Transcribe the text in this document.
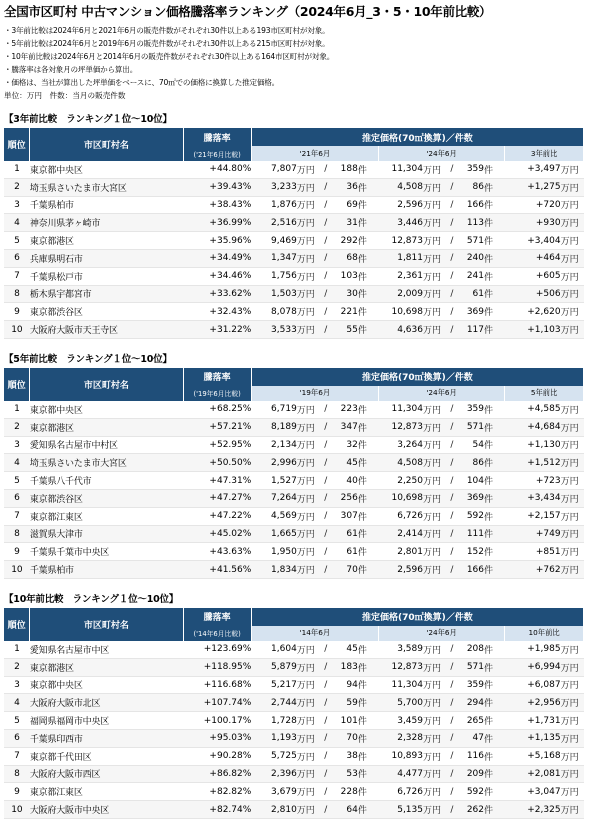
全国市区町村 中古マンション価格騰落率ランキング（2024年6月_3・5・10年前比較）
・3年前比較は2024年6月と2021年6月の販売件数がそれぞれ30件以上ある193市区町村が対象。
・5年前比較は2024年6月と2019年6月の販売件数がそれぞれ30件以上ある215市区町村が対象。
・10年前比較は2024年6月と2014年6月の販売件数がそれぞれ30件以上ある164市区町村が対象。
・騰落率は各対象月の坪単価から算出。
・価格は、当社が算出した坪単価をベースに、70㎡での価格に換算した推定価格。
単位：万円　件数：当月の販売件数
【3年前比較　ランキング１位～10位】
順位	市区町村名	騰落率	推定価格(70㎡換算)／件数											
		('21年6月比較)	'21年6月					'24年6月					3年前比	
1	東京都中央区	+44.80%	7,807	万円	/	188	件	11,304	万円	/	359	件	+3,497	万円
2	埼玉県さいたま市大宮区	+39.43%	3,233	万円	/	36	件	4,508	万円	/	86	件	+1,275	万円
3	千葉県柏市	+38.43%	1,876	万円	/	69	件	2,596	万円	/	166	件	+720	万円
4	神奈川県茅ヶ崎市	+36.99%	2,516	万円	/	31	件	3,446	万円	/	113	件	+930	万円
5	東京都港区	+35.96%	9,469	万円	/	292	件	12,873	万円	/	571	件	+3,404	万円
6	兵庫県明石市	+34.49%	1,347	万円	/	68	件	1,811	万円	/	240	件	+464	万円
7	千葉県松戸市	+34.46%	1,756	万円	/	103	件	2,361	万円	/	241	件	+605	万円
8	栃木県宇都宮市	+33.62%	1,503	万円	/	30	件	2,009	万円	/	61	件	+506	万円
9	東京都渋谷区	+32.43%	8,078	万円	/	221	件	10,698	万円	/	369	件	+2,620	万円
10	大阪府大阪市天王寺区	+31.22%	3,533	万円	/	55	件	4,636	万円	/	117	件	+1,103	万円
【5年前比較　ランキング１位～10位】
順位	市区町村名	騰落率	推定価格(70㎡換算)／件数											
		('19年6月比較)	'19年6月					'24年6月					5年前比	
1	東京都中央区	+68.25%	6,719	万円	/	223	件	11,304	万円	/	359	件	+4,585	万円
2	東京都港区	+57.21%	8,189	万円	/	347	件	12,873	万円	/	571	件	+4,684	万円
3	愛知県名古屋市中村区	+52.95%	2,134	万円	/	32	件	3,264	万円	/	54	件	+1,130	万円
4	埼玉県さいたま市大宮区	+50.50%	2,996	万円	/	45	件	4,508	万円	/	86	件	+1,512	万円
5	千葉県八千代市	+47.31%	1,527	万円	/	40	件	2,250	万円	/	104	件	+723	万円
6	東京都渋谷区	+47.27%	7,264	万円	/	256	件	10,698	万円	/	369	件	+3,434	万円
7	東京都江東区	+47.22%	4,569	万円	/	307	件	6,726	万円	/	592	件	+2,157	万円
8	滋賀県大津市	+45.02%	1,665	万円	/	61	件	2,414	万円	/	111	件	+749	万円
9	千葉県千葉市中央区	+43.63%	1,950	万円	/	61	件	2,801	万円	/	152	件	+851	万円
10	千葉県柏市	+41.56%	1,834	万円	/	70	件	2,596	万円	/	166	件	+762	万円
【10年前比較　ランキング１位～10位】
順位	市区町村名	騰落率	推定価格(70㎡換算)／件数											
		('14年6月比較)	'14年6月					'24年6月					10年前比	
1	愛知県名古屋市中区	+123.69%	1,604	万円	/	45	件	3,589	万円	/	208	件	+1,985	万円
2	東京都港区	+118.95%	5,879	万円	/	183	件	12,873	万円	/	571	件	+6,994	万円
3	東京都中央区	+116.68%	5,217	万円	/	94	件	11,304	万円	/	359	件	+6,087	万円
4	大阪府大阪市北区	+107.74%	2,744	万円	/	59	件	5,700	万円	/	294	件	+2,956	万円
5	福岡県福岡市中央区	+100.17%	1,728	万円	/	101	件	3,459	万円	/	265	件	+1,731	万円
6	千葉県印西市	+95.03%	1,193	万円	/	70	件	2,328	万円	/	47	件	+1,135	万円
7	東京都千代田区	+90.28%	5,725	万円	/	38	件	10,893	万円	/	116	件	+5,168	万円
8	大阪府大阪市西区	+86.82%	2,396	万円	/	53	件	4,477	万円	/	209	件	+2,081	万円
9	東京都江東区	+82.82%	3,679	万円	/	228	件	6,726	万円	/	592	件	+3,047	万円
10	大阪府大阪市中央区	+82.74%	2,810	万円	/	64	件	5,135	万円	/	262	件	+2,325	万円
